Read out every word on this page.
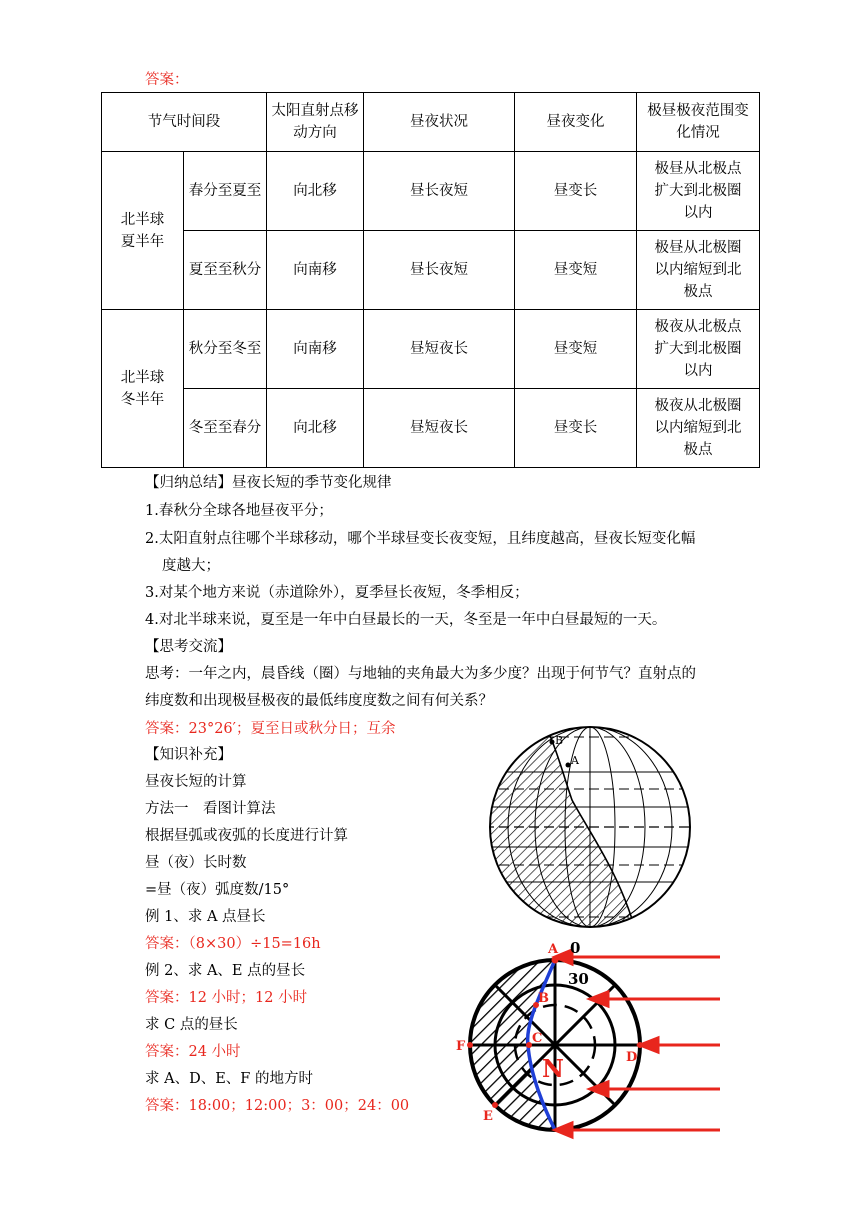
答案：
节气时间段		太阳直射点移动方向	昼夜状况	昼夜变化	极昼极夜范围变化情况
北半球夏半年	春分至夏至	向北移	昼长夜短	昼变长	极昼从北极点扩大到北极圈以内
	夏至至秋分	向南移	昼长夜短	昼变短	极昼从北极圈以内缩短到北极点
北半球冬半年	秋分至冬至	向南移	昼短夜长	昼变短	极夜从北极点扩大到北极圈以内
	冬至至春分	向北移	昼短夜长	昼变长	极夜从北极圈以内缩短到北极点
【归纳总结】昼夜长短的季节变化规律
1.春秋分全球各地昼夜平分；
2.太阳直射点往哪个半球移动，哪个半球昼变长夜变短，且纬度越高，昼夜长短变化幅
度越大；
3.对某个地方来说（赤道除外），夏季昼长夜短，冬季相反；
4.对北半球来说，夏至是一年中白昼最长的一天，冬至是一年中白昼最短的一天。
【思考交流】
思考：一年之内，晨昏线（圈）与地轴的夹角最大为多少度？出现于何节气？直射点的
纬度数和出现极昼极夜的最低纬度度数之间有何关系？
答案：23°26′；夏至日或秋分日；互余
【知识补充】
昼夜长短的计算
方法一　看图计算法
根据昼弧或夜弧的长度进行计算
昼（夜）长时数
=昼（夜）弧度数/15°
例 1、求 A 点昼长
答案：（8×30）÷15=16h
例 2、求 A、E 点的昼长
答案：12 小时；12 小时
求 C 点的昼长
答案：24 小时
求 A、D、E、F 的地方时
答案：18:00；12:00；3：00；24：00
B
A
A
B
C
D
F
E
N
0
30
